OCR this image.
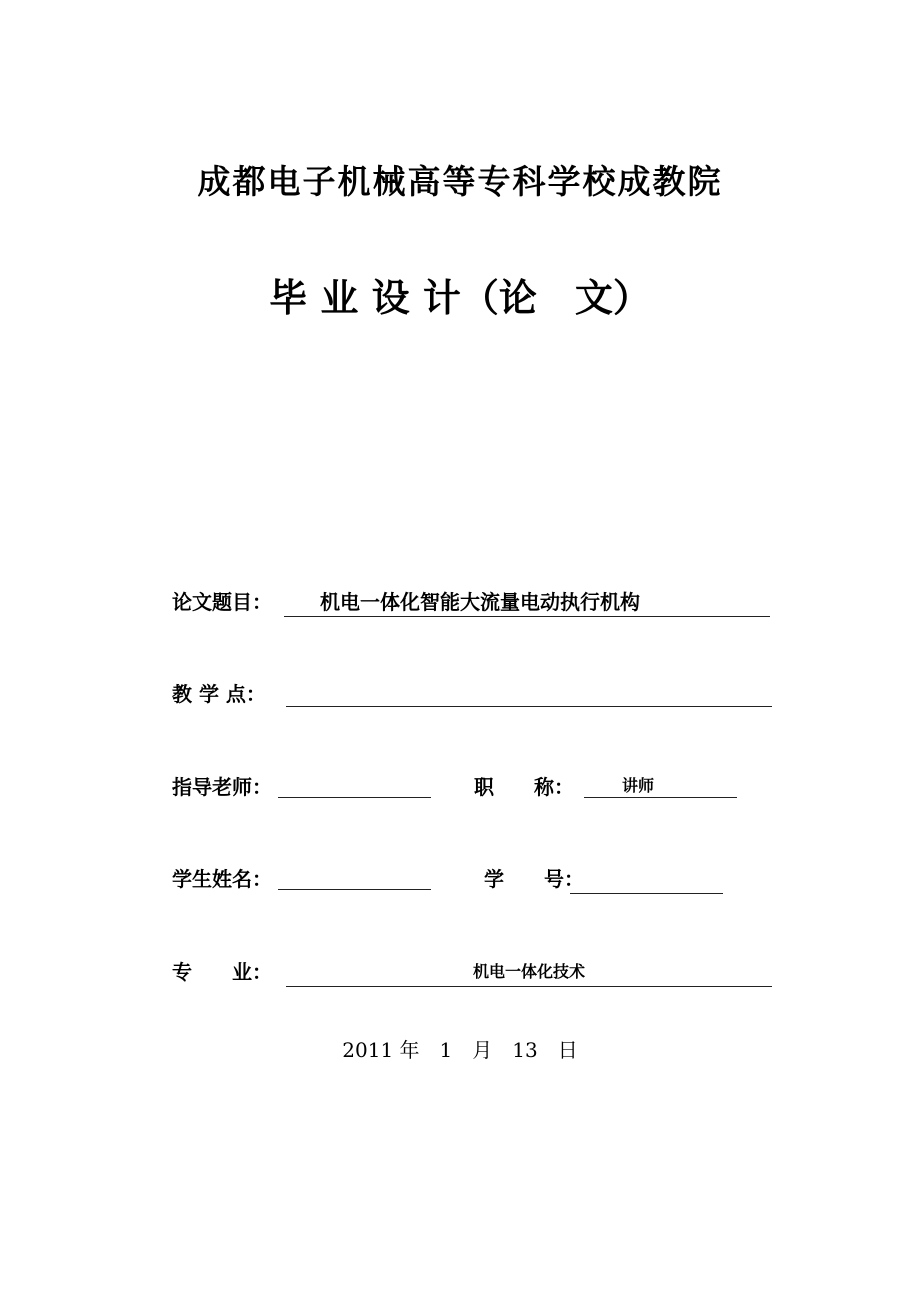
成都电子机械高等专科学校成教院
毕 业 设 计（论　文）
论文题目： 机电一体化智能大流量电动执行机构
教 学 点：
指导老师：	职　　称：	讲师
学生姓名：	学　　号：
专　　业：	机电一体化技术
2011 年　1　月　13　日
